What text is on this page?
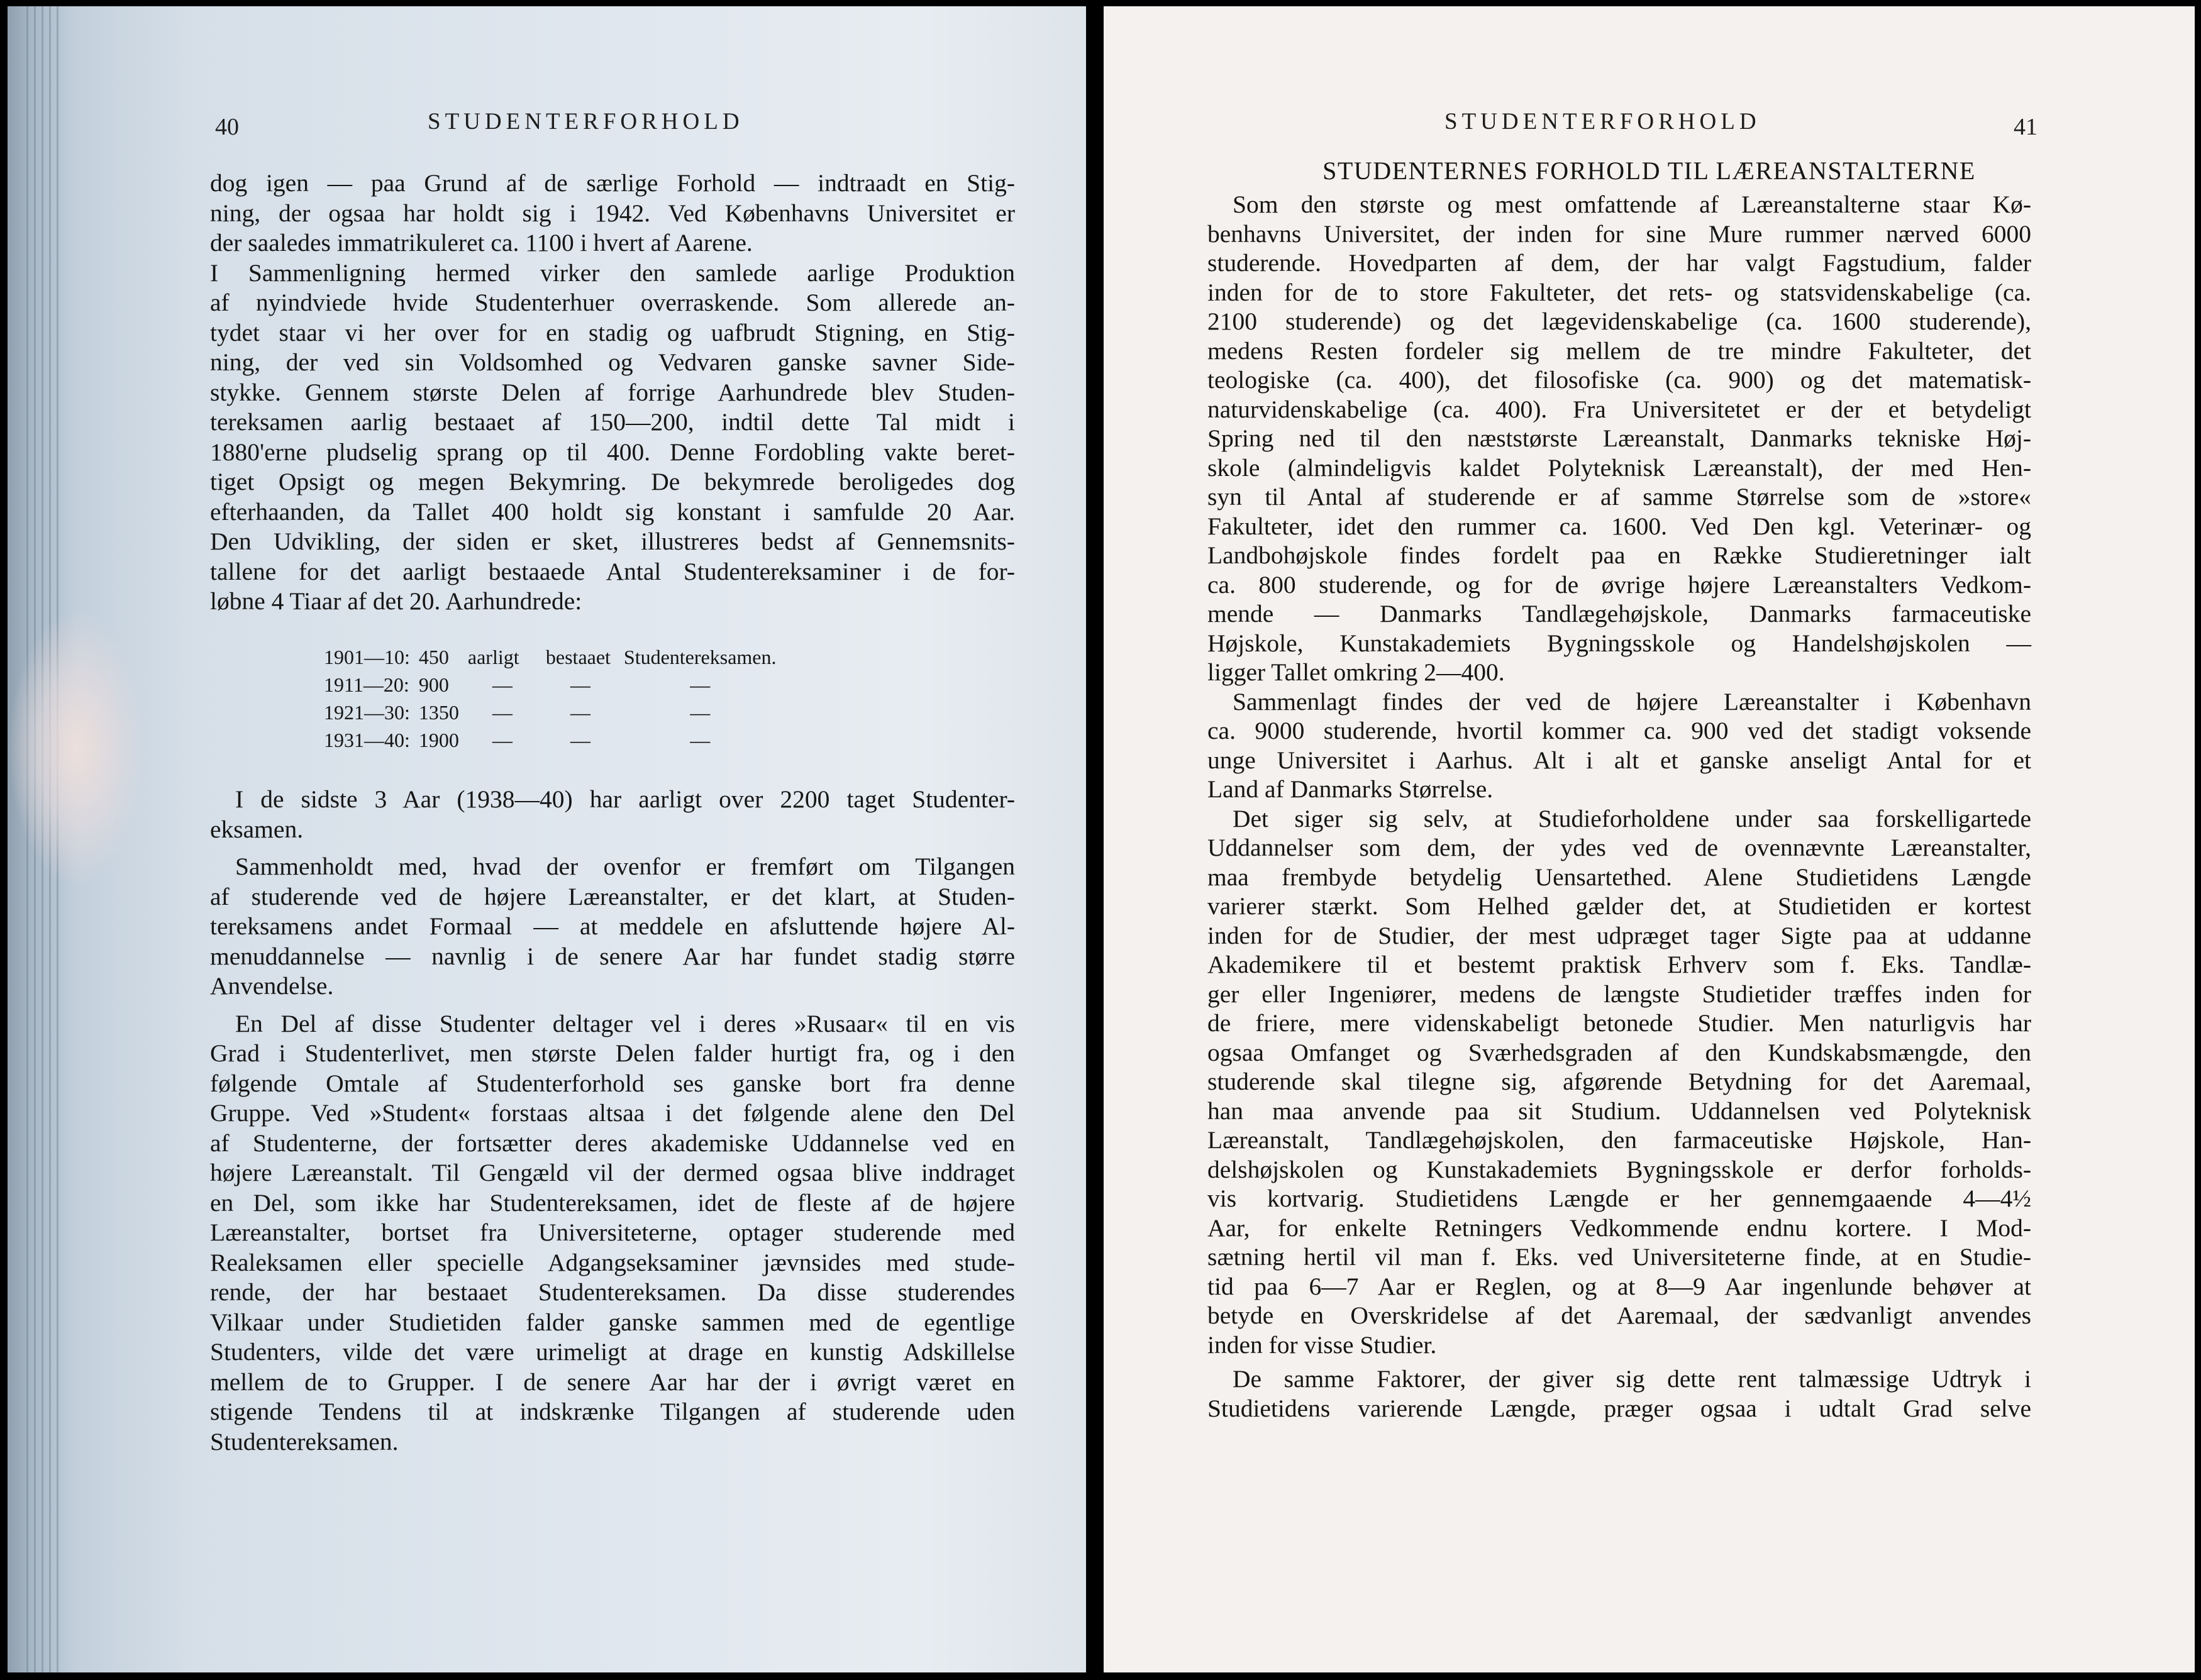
40	STUDENTERFORHOLD

dog igen — paa Grund af de særlige Forhold — indtraadt en Stig-

ning, der ogsaa har holdt sig i 1942. Ved Københavns Universitet er

der saaledes immatrikuleret ca. 1100 i hvert af Aarene.

I Sammenligning hermed virker den samlede aarlige Produktion

af nyindviede hvide Studenterhuer overraskende. Som allerede an-

tydet staar vi her over for en stadig og uafbrudt Stigning, en Stig-

ning, der ved sin Voldsomhed og Vedvaren ganske savner Side-

stykke. Gennem største Delen af forrige Aarhundrede blev Studen-

tereksamen aarlig bestaaet af 150—200, indtil dette Tal midt i

1880'erne pludselig sprang op til 400. Denne Fordobling vakte beret-

tiget Opsigt og megen Bekymring. De bekymrede beroligedes dog

efterhaanden, da Tallet 400 holdt sig konstant i samfulde 20 Aar.

Den Udvikling, der siden er sket, illustreres bedst af Gennemsnits-

tallene for det aarligt bestaaede Antal Studentereksaminer i de for-

løbne 4 Tiaar af det 20. Aarhundrede:

1901—10:	450	aarligt	bestaaet	Studentereksamen.
1911—20:	900	—	—	—
1921—30:	1350	—	—	—
1931—40:	1900	—	—	—

I de sidste 3 Aar (1938—40) har aarligt over 2200 taget Studenter-

eksamen.

Sammenholdt med, hvad der ovenfor er fremført om Tilgangen

af studerende ved de højere Læreanstalter, er det klart, at Studen-

tereksamens andet Formaal — at meddele en afsluttende højere Al-

menuddannelse — navnlig i de senere Aar har fundet stadig større

Anvendelse.

En Del af disse Studenter deltager vel i deres »Rusaar« til en vis

Grad i Studenterlivet, men største Delen falder hurtigt fra, og i den

følgende Omtale af Studenterforhold ses ganske bort fra denne

Gruppe. Ved »Student« forstaas altsaa i det følgende alene den Del

af Studenterne, der fortsætter deres akademiske Uddannelse ved en

højere Læreanstalt. Til Gengæld vil der dermed ogsaa blive inddraget

en Del, som ikke har Studentereksamen, idet de fleste af de højere

Læreanstalter, bortset fra Universiteterne, optager studerende med

Realeksamen eller specielle Adgangseksaminer jævnsides med stude-

rende, der har bestaaet Studentereksamen. Da disse studerendes

Vilkaar under Studietiden falder ganske sammen med de egentlige

Studenters, vilde det være urimeligt at drage en kunstig Adskillelse

mellem de to Grupper. I de senere Aar har der i øvrigt været en

stigende Tendens til at indskrænke Tilgangen af studerende uden

Studentereksamen.

STUDENTERFORHOLD	41
STUDENTERNES FORHOLD TIL LÆREANSTALTERNE

Som den største og mest omfattende af Læreanstalterne staar Kø-

benhavns Universitet, der inden for sine Mure rummer nærved 6000

studerende. Hovedparten af dem, der har valgt Fagstudium, falder

inden for de to store Fakulteter, det rets- og statsvidenskabelige (ca.

2100 studerende) og det lægevidenskabelige (ca. 1600 studerende),

medens Resten fordeler sig mellem de tre mindre Fakulteter, det

teologiske (ca. 400), det filosofiske (ca. 900) og det matematisk-

naturvidenskabelige (ca. 400). Fra Universitetet er der et betydeligt

Spring ned til den næststørste Læreanstalt, Danmarks tekniske Høj-

skole (almindeligvis kaldet Polyteknisk Læreanstalt), der med Hen-

syn til Antal af studerende er af samme Størrelse som de »store«

Fakulteter, idet den rummer ca. 1600. Ved Den kgl. Veterinær- og

Landbohøjskole findes fordelt paa en Række Studieretninger ialt

ca. 800 studerende, og for de øvrige højere Læreanstalters Vedkom-

mende — Danmarks Tandlægehøjskole, Danmarks farmaceutiske

Højskole, Kunstakademiets Bygningsskole og Handelshøjskolen —

ligger Tallet omkring 2—400.

Sammenlagt findes der ved de højere Læreanstalter i København

ca. 9000 studerende, hvortil kommer ca. 900 ved det stadigt voksende

unge Universitet i Aarhus. Alt i alt et ganske anseligt Antal for et

Land af Danmarks Størrelse.

Det siger sig selv, at Studieforholdene under saa forskelligartede

Uddannelser som dem, der ydes ved de ovennævnte Læreanstalter,

maa frembyde betydelig Uensartethed. Alene Studietidens Længde

varierer stærkt. Som Helhed gælder det, at Studietiden er kortest

inden for de Studier, der mest udpræget tager Sigte paa at uddanne

Akademikere til et bestemt praktisk Erhverv som f. Eks. Tandlæ-

ger eller Ingeniører, medens de længste Studietider træffes inden for

de friere, mere videnskabeligt betonede Studier. Men naturligvis har

ogsaa Omfanget og Sværhedsgraden af den Kundskabsmængde, den

studerende skal tilegne sig, afgørende Betydning for det Aaremaal,

han maa anvende paa sit Studium. Uddannelsen ved Polyteknisk

Læreanstalt, Tandlægehøjskolen, den farmaceutiske Højskole, Han-

delshøjskolen og Kunstakademiets Bygningsskole er derfor forholds-

vis kortvarig. Studietidens Længde er her gennemgaaende 4—4½

Aar, for enkelte Retningers Vedkommende endnu kortere. I Mod-

sætning hertil vil man f. Eks. ved Universiteterne finde, at en Studie-

tid paa 6—7 Aar er Reglen, og at 8—9 Aar ingenlunde behøver at

betyde en Overskridelse af det Aaremaal, der sædvanligt anvendes

inden for visse Studier.

De samme Faktorer, der giver sig dette rent talmæssige Udtryk i

Studietidens varierende Længde, præger ogsaa i udtalt Grad selve
